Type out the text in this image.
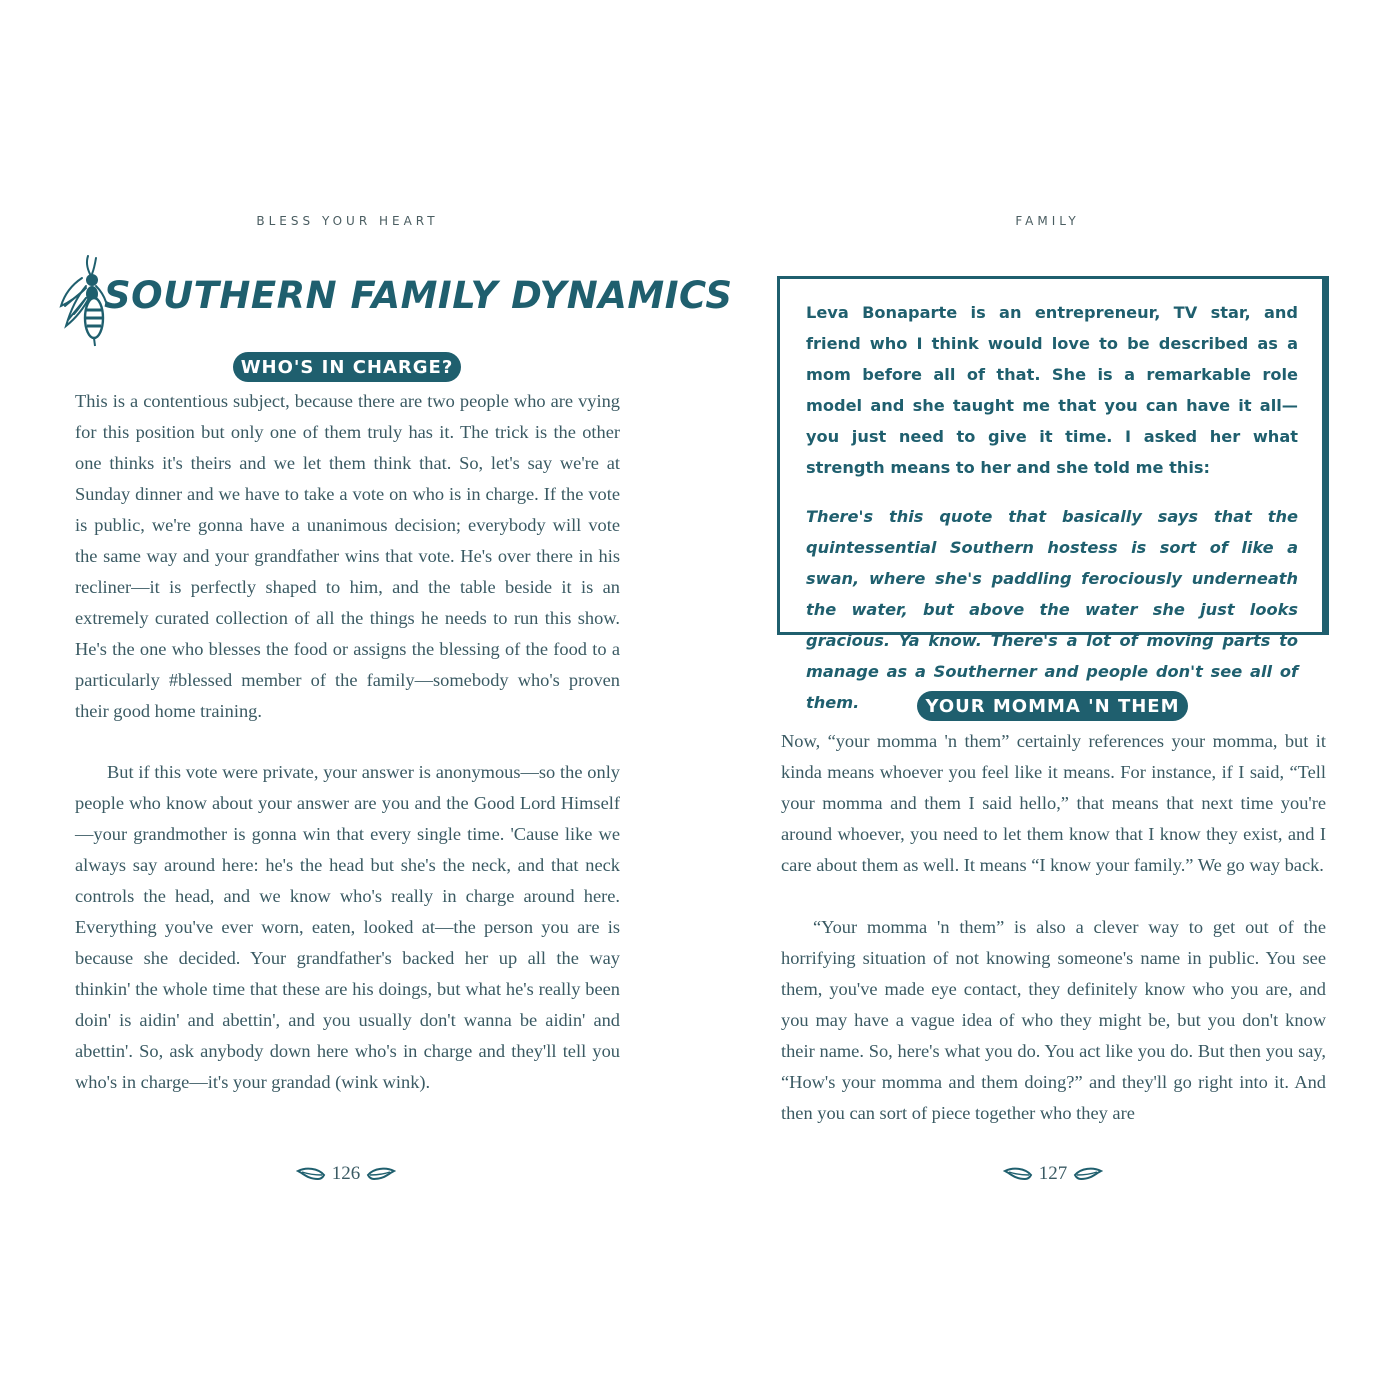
BLESS YOUR HEART
SOUTHERN FAMILY DYNAMICS
WHO'S IN CHARGE?

This is a contentious subject, because there are two people who are vying for this position but only one of them truly has it. The trick is the other one thinks it's theirs and we let them think that. So, let's say we're at Sunday dinner and we have to take a vote on who is in charge. If the vote is public, we're gonna have a unanimous decision; everybody will vote the same way and your grandfather wins that vote. He's over there in his recliner—it is perfectly shaped to him, and the table beside it is an extremely curated collection of all the things he needs to run this show. He's the one who blesses the food or assigns the blessing of the food to a particularly #blessed member of the family—somebody who's proven their good home training.

But if this vote were private, your answer is anonymous—so the only people who know about your answer are you and the Good Lord Himself—your grandmother is gonna win that every single time. 'Cause like we always say around here: he's the head but she's the neck, and that neck controls the head, and we know who's really in charge around here. Everything you've ever worn, eaten, looked at—the person you are is because she decided. Your grandfather's backed her up all the way thinkin' the whole time that these are his doings, but what he's really been doin' is aidin' and abettin', and you usually don't wanna be aidin' and abettin'. So, ask anybody down here who's in charge and they'll tell you who's in charge—it's your grandad (wink wink).

126
FAMILY

Leva Bonaparte is an entrepreneur, TV star, and friend who I think would love to be described as a mom before all of that. She is a remarkable role model and she taught me that you can have it all—you just need to give it time. I asked her what strength means to her and she told me this:

There's this quote that basically says that the quintessential Southern hostess is sort of like a swan, where she's paddling ferociously underneath the water, but above the water she just looks gracious. Ya know. There's a lot of moving parts to manage as a Southerner and people don't see all of them.	YOUR MOMMA 'N THEM

Now, “your momma 'n them” certainly references your momma, but it kinda means whoever you feel like it means. For instance, if I said, “Tell your momma and them I said hello,” that means that next time you're around whoever, you need to let them know that I know they exist, and I care about them as well. It means “I know your family.” We go way back.

“Your momma 'n them” is also a clever way to get out of the horrifying situation of not knowing someone's name in public. You see them, you've made eye contact, they definitely know who you are, and you may have a vague idea of who they might be, but you don't know their name. So, here's what you do. You act like you do. But then you say, “How's your momma and them doing?” and they'll go right into it. And then you can sort of piece together who they are

127
